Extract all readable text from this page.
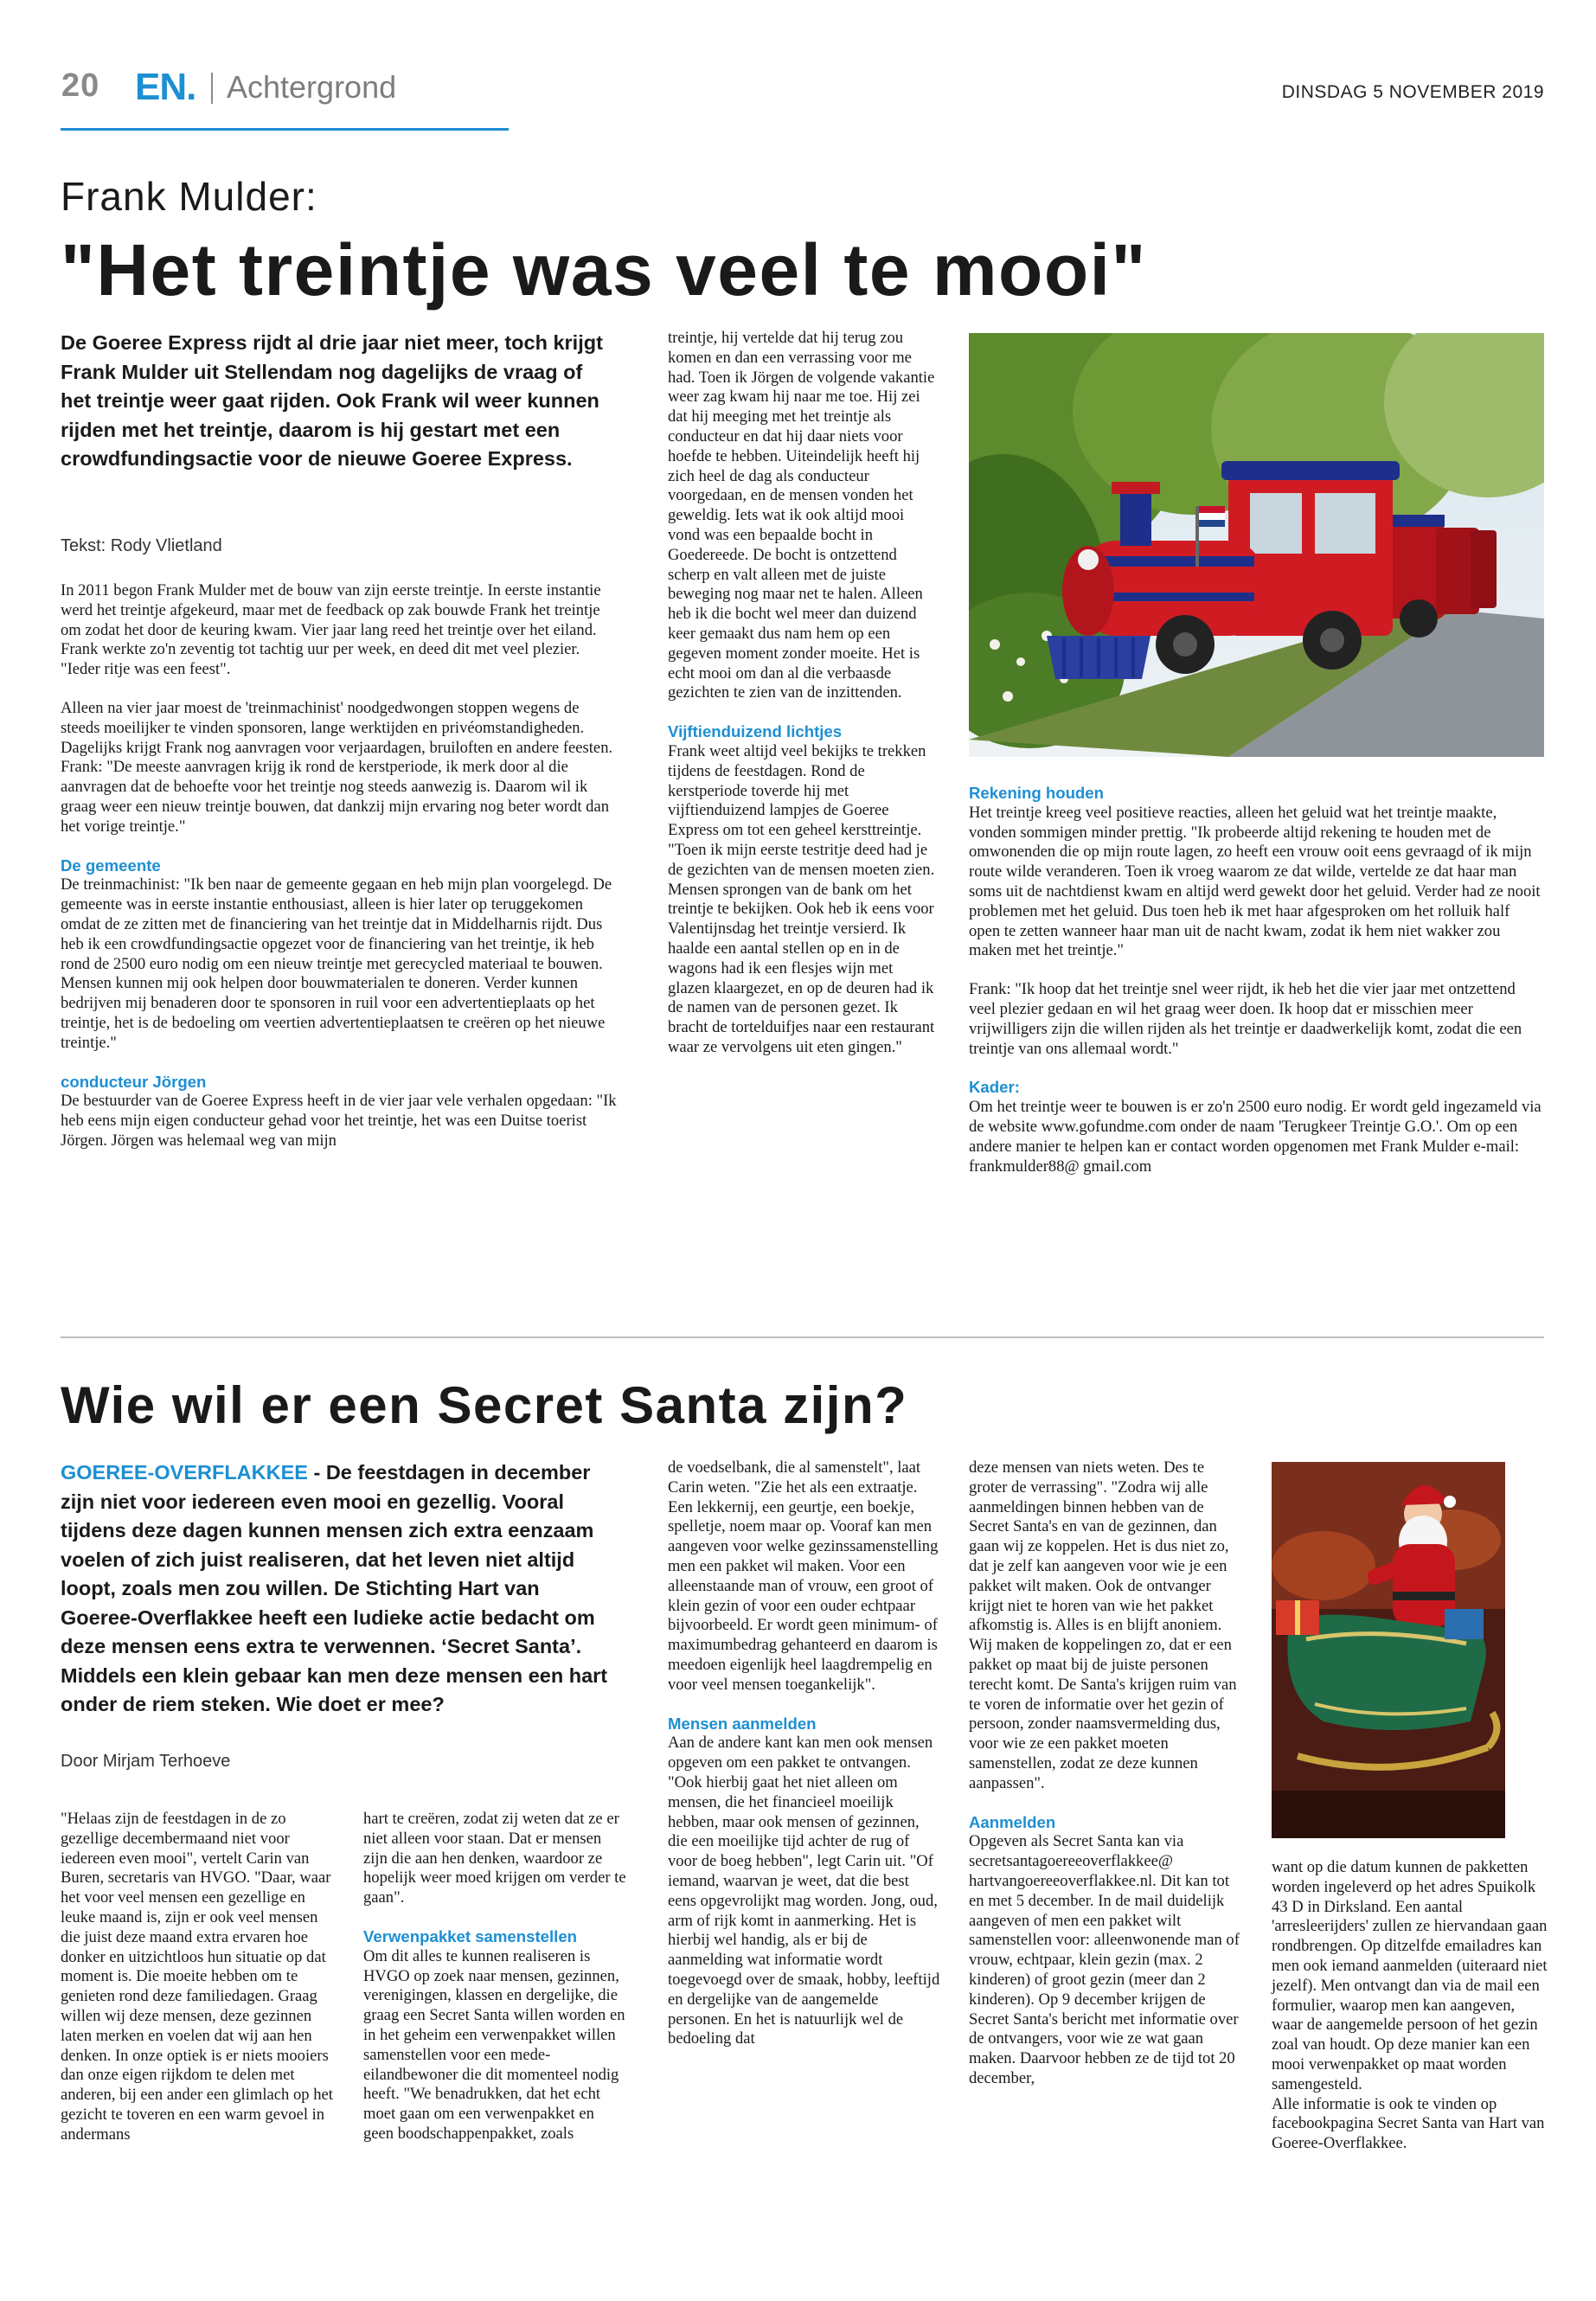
20 EN. Achtergrond	DINSDAG 5 NOVEMBER 2019
Frank Mulder:
"Het treintje was veel te mooi"
De Goeree Express rijdt al drie jaar niet meer, toch krijgt Frank Mulder uit Stellendam nog dagelijks de vraag of het treintje weer gaat rijden. Ook Frank wil weer kunnen rijden met het treintje, daarom is hij gestart met een crowdfundingsactie voor de nieuwe Goeree Express.
Tekst: Rody Vlietland

In 2011 begon Frank Mulder met de bouw van zijn eerste treintje. In eerste instantie werd het treintje afgekeurd, maar met de feedback op zak bouwde Frank het treintje om zodat het door de keuring kwam. Vier jaar lang reed het treintje over het eiland. Frank werkte zo'n zeventig tot tachtig uur per week, en deed dit met veel plezier. "Ieder ritje was een feest".

Alleen na vier jaar moest de 'treinmachinist' noodgedwongen stoppen wegens de steeds moeilijker te vinden sponsoren, lange werktijden en privéomstandigheden. Dagelijks krijgt Frank nog aanvragen voor verjaardagen, bruiloften en andere feesten. Frank: "De meeste aanvragen krijg ik rond de kerstperiode, ik merk door al die aanvragen dat de behoefte voor het treintje nog steeds aanwezig is. Daarom wil ik graag weer een nieuw treintje bouwen, dat dankzij mijn ervaring nog beter wordt dan het vorige treintje."

De gemeente

De treinmachinist: "Ik ben naar de gemeente gegaan en heb mijn plan voorgelegd. De gemeente was in eerste instantie enthousiast, alleen is hier later op teruggekomen omdat de ze zitten met de financiering van het treintje dat in Middelharnis rijdt. Dus heb ik een crowdfundingsactie opgezet voor de financiering van het treintje, ik heb rond de 2500 euro nodig om een nieuw treintje met gerecycled materiaal te bouwen. Mensen kunnen mij ook helpen door bouwmaterialen te doneren. Verder kunnen bedrijven mij benaderen door te sponsoren in ruil voor een advertentieplaats op het treintje, het is de bedoeling om veertien advertentieplaatsen te creëren op het nieuwe treintje."

conducteur Jörgen

De bestuurder van de Goeree Express heeft in de vier jaar vele verhalen opgedaan: "Ik heb eens mijn eigen conducteur gehad voor het treintje, het was een Duitse toerist Jörgen. Jörgen was helemaal weg van mijn

treintje, hij vertelde dat hij terug zou komen en dan een verrassing voor me had. Toen ik Jörgen de volgende vakantie weer zag kwam hij naar me toe. Hij zei dat hij meeging met het treintje als conducteur en dat hij daar niets voor hoefde te hebben. Uiteindelijk heeft hij zich heel de dag als conducteur voorgedaan, en de mensen vonden het geweldig. Iets wat ik ook altijd mooi vond was een bepaalde bocht in Goedereede. De bocht is ontzettend scherp en valt alleen met de juiste beweging nog maar net te halen. Alleen heb ik die bocht wel meer dan duizend keer gemaakt dus nam hem op een gegeven moment zonder moeite. Het is echt mooi om dan al die verbaasde gezichten te zien van de inzittenden.

Vijftienduizend lichtjes

Frank weet altijd veel bekijks te trekken tijdens de feestdagen. Rond de kerstperiode toverde hij met vijftienduizend lampjes de Goeree Express om tot een geheel kersttreintje. "Toen ik mijn eerste testritje deed had je de gezichten van de mensen moeten zien. Mensen sprongen van de bank om het treintje te bekijken. Ook heb ik eens voor Valentijnsdag het treintje versierd. Ik haalde een aantal stellen op en in de wagons had ik een flesjes wijn met glazen klaargezet, en op de deuren had ik de namen van de personen gezet. Ik bracht de tortelduifjes naar een restaurant waar ze vervolgens uit eten gingen."

Rekening houden

Het treintje kreeg veel positieve reacties, alleen het geluid wat het treintje maakte, vonden sommigen minder prettig. "Ik probeerde altijd rekening te houden met de omwonenden die op mijn route lagen, zo heeft een vrouw ooit eens gevraagd of ik mijn route wilde veranderen. Toen ik vroeg waarom ze dat wilde, vertelde ze dat haar man soms uit de nachtdienst kwam en altijd werd gewekt door het geluid. Verder had ze nooit problemen met het geluid. Dus toen heb ik met haar afgesproken om het rolluik half open te zetten wanneer haar man uit de nacht kwam, zodat ik hem niet wakker zou maken met het treintje."

Frank: "Ik hoop dat het treintje snel weer rijdt, ik heb het die vier jaar met ontzettend veel plezier gedaan en wil het graag weer doen. Ik hoop dat er misschien meer vrijwilligers zijn die willen rijden als het treintje er daadwerkelijk komt, zodat die een treintje van ons allemaal wordt."

Kader:

Om het treintje weer te bouwen is er zo'n 2500 euro nodig. Er wordt geld ingezameld via de website www.gofundme.com onder de naam 'Terugkeer Treintje G.O.'. Om op een andere manier te helpen kan er contact worden opgenomen met Frank Mulder e-mail: frankmulder88@ gmail.com

Wie wil er een Secret Santa zijn?
GOEREE-OVERFLAKKEE - De feestdagen in december zijn niet voor iedereen even mooi en gezellig. Vooral tijdens deze dagen kunnen mensen zich extra eenzaam voelen of zich juist realiseren, dat het leven niet altijd loopt, zoals men zou willen. De Stichting Hart van Goeree-Overflakkee heeft een ludieke actie bedacht om deze mensen eens extra te verwennen. ‘Secret Santa’. Middels een klein gebaar kan men deze mensen een hart onder de riem steken. Wie doet er mee?
Door Mirjam Terhoeve

"Helaas zijn de feestdagen in de zo gezellige decembermaand niet voor iedereen even mooi", vertelt Carin van Buren, secretaris van HVGO. "Daar, waar het voor veel mensen een gezellige en leuke maand is, zijn er ook veel mensen die juist deze maand extra ervaren hoe donker en uitzichtloos hun situatie op dat moment is. Die moeite hebben om te genieten rond deze familiedagen. Graag willen wij deze mensen, deze gezinnen laten merken en voelen dat wij aan hen denken. In onze optiek is er niets mooiers dan onze eigen rijkdom te delen met anderen, bij een ander een glimlach op het gezicht te toveren en een warm gevoel in andermans

hart te creëren, zodat zij weten dat ze er niet alleen voor staan. Dat er mensen zijn die aan hen denken, waardoor ze hopelijk weer moed krijgen om verder te gaan".

Verwenpakket samenstellen

Om dit alles te kunnen realiseren is HVGO op zoek naar mensen, gezinnen, verenigingen, klassen en dergelijke, die graag een Secret Santa willen worden en in het geheim een verwenpakket willen samenstellen voor een mede-eilandbewoner die dit momenteel nodig heeft. "We benadrukken, dat het echt moet gaan om een verwenpakket en geen boodschappenpakket, zoals

de voedselbank, die al samenstelt", laat Carin weten. "Zie het als een extraatje. Een lekkernij, een geurtje, een boekje, spelletje, noem maar op. Vooraf kan men aangeven voor welke gezinssamenstelling men een pakket wil maken. Voor een alleenstaande man of vrouw, een groot of klein gezin of voor een ouder echtpaar bijvoorbeeld. Er wordt geen minimum- of maximumbedrag gehanteerd en daarom is meedoen eigenlijk heel laagdrempelig en voor veel mensen toegankelijk".

Mensen aanmelden

Aan de andere kant kan men ook mensen opgeven om een pakket te ontvangen. "Ook hierbij gaat het niet alleen om mensen, die het financieel moeilijk hebben, maar ook mensen of gezinnen, die een moeilijke tijd achter de rug of voor de boeg hebben", legt Carin uit. "Of iemand, waarvan je weet, dat die best eens opgevrolijkt mag worden. Jong, oud, arm of rijk komt in aanmerking. Het is hierbij wel handig, als er bij de aanmelding wat informatie wordt toegevoegd over de smaak, hobby, leeftijd en dergelijke van de aangemelde personen. En het is natuurlijk wel de bedoeling dat

deze mensen van niets weten. Des te groter de verrassing". "Zodra wij alle aanmeldingen binnen hebben van de Secret Santa's en van de gezinnen, dan gaan wij ze koppelen. Het is dus niet zo, dat je zelf kan aangeven voor wie je een pakket wilt maken. Ook de ontvanger krijgt niet te horen van wie het pakket afkomstig is. Alles is en blijft anoniem. Wij maken de koppelingen zo, dat er een pakket op maat bij de juiste personen terecht komt. De Santa's krijgen ruim van te voren de informatie over het gezin of persoon, zonder naamsvermelding dus, voor wie ze een pakket moeten samenstellen, zodat ze deze kunnen aanpassen".

Aanmelden

Opgeven als Secret Santa kan via secretsantagoereeoverflakkee@ hartvangoereeoverflakkee.nl. Dit kan tot en met 5 december. In de mail duidelijk aangeven of men een pakket wilt samenstellen voor: alleenwonende man of vrouw, echtpaar, klein gezin (max. 2 kinderen) of groot gezin (meer dan 2 kinderen). Op 9 december krijgen de Secret Santa's bericht met informatie over de ontvangers, voor wie ze wat gaan maken. Daarvoor hebben ze de tijd tot 20 december,

want op die datum kunnen de pakketten worden ingeleverd op het adres Spuikolk 43 D in Dirksland. Een aantal 'arresleerijders' zullen ze hiervandaan gaan rondbrengen. Op ditzelfde emailadres kan men ook iemand aanmelden (uiteraard niet jezelf). Men ontvangt dan via de mail een formulier, waarop men kan aangeven, waar de aangemelde persoon of het gezin zoal van houdt. Op deze manier kan een mooi verwenpakket op maat worden samengesteld.

Alle informatie is ook te vinden op facebookpagina Secret Santa van Hart van Goeree-Overflakkee.
